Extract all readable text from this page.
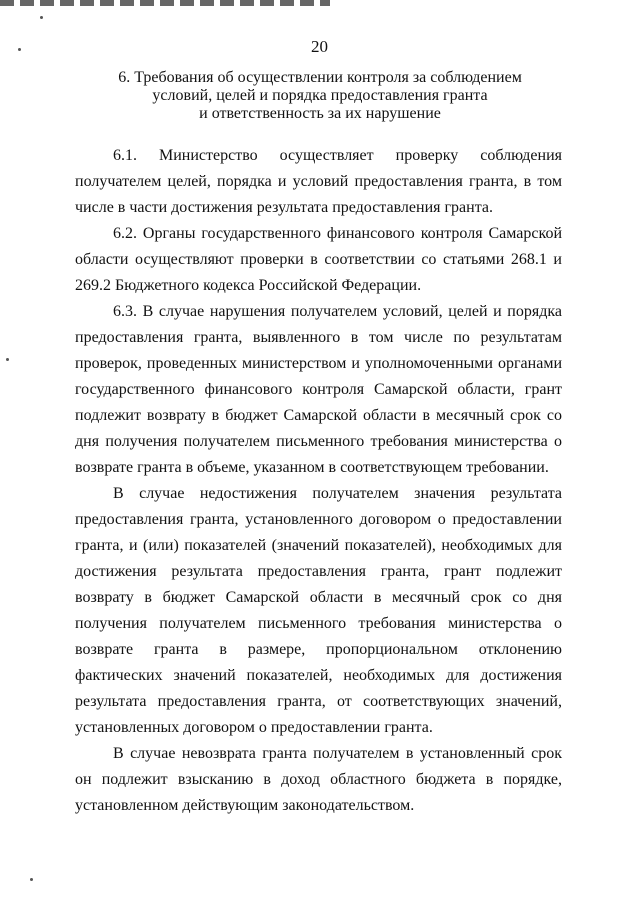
20
6. Требования об осуществлении контроля за соблюдением
условий, целей и порядка предоставления гранта
и ответственность за их нарушение

6.1. Министерство осуществляет проверку соблюдения получателем целей, порядка и условий предоставления гранта, в том числе в части достижения результата предоставления гранта.

6.2. Органы государственного финансового контроля Самарской области осуществляют проверки в соответствии со статьями 268.1 и 269.2 Бюджетного кодекса Российской Федерации.

6.3. В случае нарушения получателем условий, целей и порядка предоставления гранта, выявленного в том числе по результатам проверок, проведенных министерством и уполномоченными органами государственного финансового контроля Самарской области, грант подлежит возврату в бюджет Самарской области в месячный срок со дня получения получателем письменного требования министерства о возврате гранта в объеме, указанном в соответствующем требовании.

В случае недостижения получателем значения результата предоставления гранта, установленного договором о предоставлении гранта, и (или) показателей (значений показателей), необходимых для достижения результата предоставления гранта, грант подлежит возврату в бюджет Самарской области в месячный срок со дня получения получателем письменного требования министерства о возврате гранта в размере, пропорциональном отклонению фактических значений показателей, необходимых для достижения результата предоставления гранта, от соответствующих значений, установленных договором о предоставлении гранта.

В случае невозврата гранта получателем в установленный срок он подлежит взысканию в доход областного бюджета в порядке, установленном действующим законодательством.
